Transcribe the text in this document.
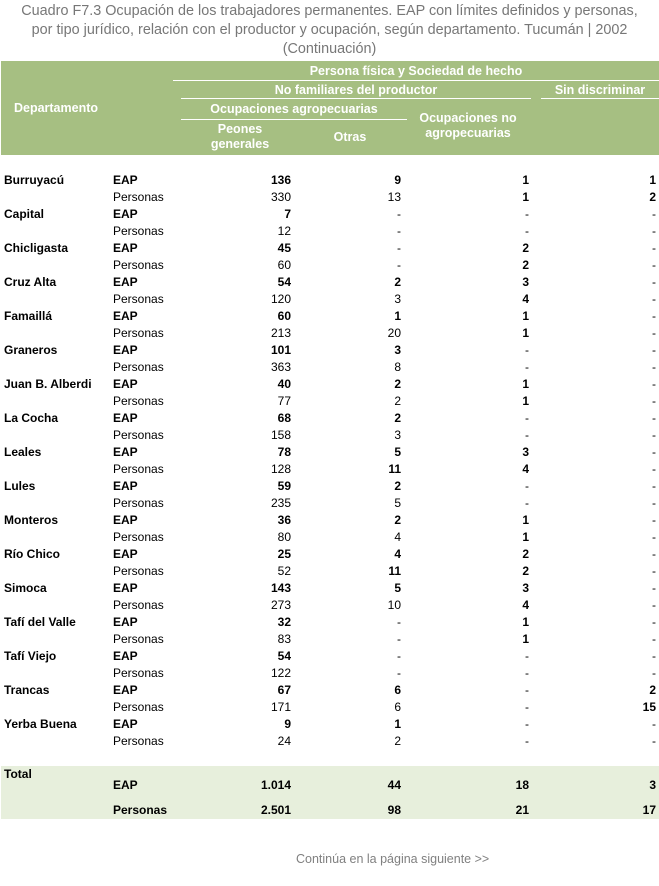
Cuadro F7.3 Ocupación de los trabajadores permanentes. EAP con límites definidos y personas,
por tipo jurídico, relación con el productor y ocupación, según departamento. Tucumán | 2002
(Continuación)
Departamento
Persona física y Sociedad de hecho
No familiares del productor	Sin discriminar
Ocupaciones agropecuarias
Ocupaciones no
agropecuarias
Peones
generales	Otras
Burruyacú	EAP	136	9	1	1
Personas	330	13	1	2
Capital	EAP	7	-	-	-
Personas	12	-	-	-
Chicligasta	EAP	45	-	2	-
Personas	60	-	2	-
Cruz Alta	EAP	54	2	3	-
Personas	120	3	4	-
Famaillá	EAP	60	1	1	-
Personas	213	20	1	-
Graneros	EAP	101	3	-	-
Personas	363	8	-	-
Juan B. Alberdi EAP	40	2	1	-
Personas	77	2	1	-
La Cocha	EAP	68	2	-	-
Personas	158	3	-	-
Leales	EAP	78	5	3	-
Personas	128	11	4	-
Lules	EAP	59	2	-	-
Personas	235	5	-	-
Monteros	EAP	36	2	1	-
Personas	80	4	1	-
Río Chico	EAP	25	4	2	-
Personas	52	11	2	-
Simoca	EAP	143	5	3	-
Personas	273	10	4	-
Tafí del Valle	EAP	32	-	1	-
Personas	83	-	1	-
Tafí Viejo	EAP	54	-	-	-
Personas	122	-	-	-
Trancas	EAP	67	6	-	2
Personas	171	6	-	15
Yerba Buena	EAP	9	1	-	-
Personas	24	2	-	-
Total
EAP	1.014	44	18	3
Personas	2.501	98	21	17
Continúa en la página siguiente >>
